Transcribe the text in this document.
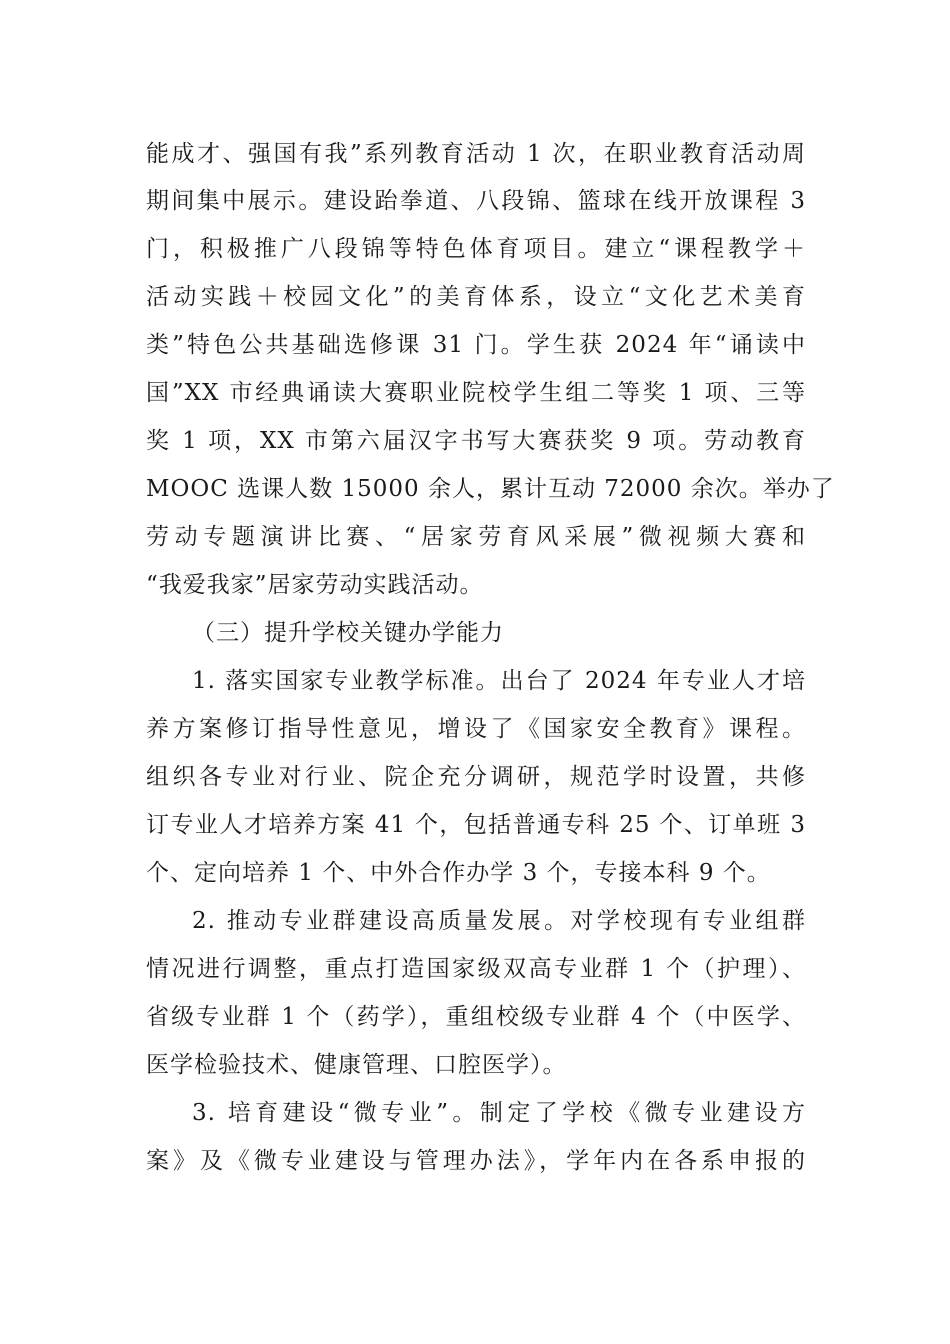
能成才、强国有我”系列教育活动 1 次，在职业教育活动周
期间集中展示。建设跆拳道、八段锦、篮球在线开放课程 3
门，积极推广八段锦等特色体育项目。建立“课程教学＋
活动实践＋校园文化”的美育体系，设立“文化艺术美育
类”特色公共基础选修课 31 门。学生获 2024 年“诵读中
国”XX 市经典诵读大赛职业院校学生组二等奖 1 项、三等
奖 1 项，XX 市第六届汉字书写大赛获奖 9 项。劳动教育
MOOC 选课人数 15000 余人，累计互动 72000 余次。举办了
劳动专题演讲比赛、“居家劳育风采展”微视频大赛和
“我爱我家”居家劳动实践活动。
（三）提升学校关键办学能力
1. 落实国家专业教学标准。出台了 2024 年专业人才培
养方案修订指导性意见，增设了《国家安全教育》课程。
组织各专业对行业、院企充分调研，规范学时设置，共修
订专业人才培养方案 41 个，包括普通专科 25 个、订单班 3
个、定向培养 1 个、中外合作办学 3 个，专接本科 9 个。
2. 推动专业群建设高质量发展。对学校现有专业组群
情况进行调整，重点打造国家级双高专业群 1 个（护理）、
省级专业群 1 个（药学），重组校级专业群 4 个（中医学、
医学检验技术、健康管理、口腔医学）。
3. 培育建设“微专业”。制定了学校《微专业建设方
案》及《微专业建设与管理办法》，学年内在各系申报的
